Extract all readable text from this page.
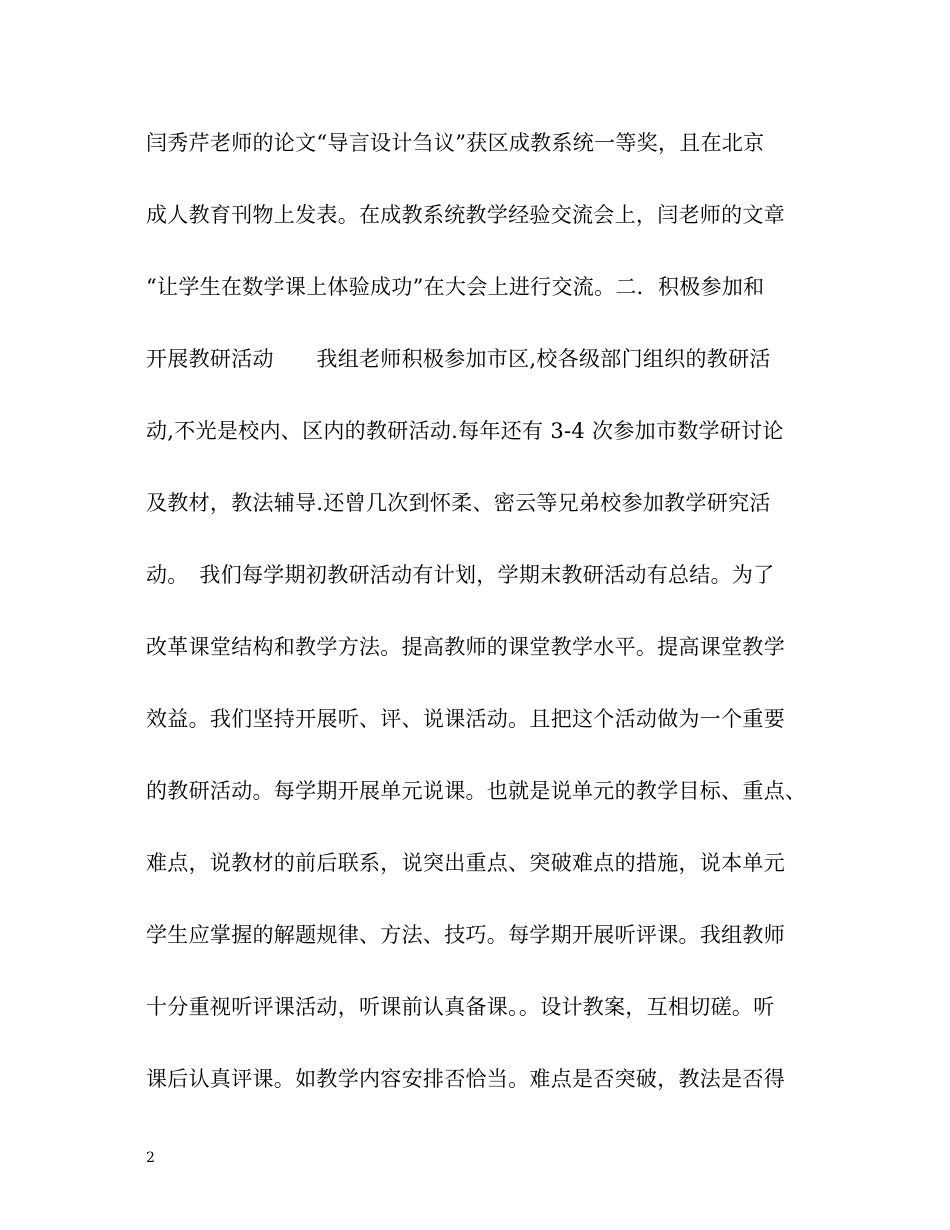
闫秀芹老师的论文“导言设计刍议”获区成教系统一等奖，且在北京
成人教育刊物上发表。在成教系统教学经验交流会上，闫老师的文章
“让学生在数学课上体验成功”在大会上进行交流。二．积极参加和
开展教研活动　　我组老师积极参加市区,校各级部门组织的教研活
动,不光是校内、区内的教研活动.每年还有 3-4 次参加市数学研讨论
及教材，教法辅导.还曾几次到怀柔、密云等兄弟校参加教学研究活
动。　我们每学期初教研活动有计划，学期末教研活动有总结。为了
改革课堂结构和教学方法。提高教师的课堂教学水平。提高课堂教学
效益。我们坚持开展听、评、说课活动。且把这个活动做为一个重要
的教研活动。每学期开展单元说课。也就是说单元的教学目标、重点、
难点，说教材的前后联系，说突出重点、突破难点的措施，说本单元
学生应掌握的解题规律、方法、技巧。每学期开展听评课。我组教师
十分重视听评课活动，听课前认真备课。。设计教案，互相切磋。听
课后认真评课。如教学内容安排否恰当。难点是否突破，教法是否得
2
